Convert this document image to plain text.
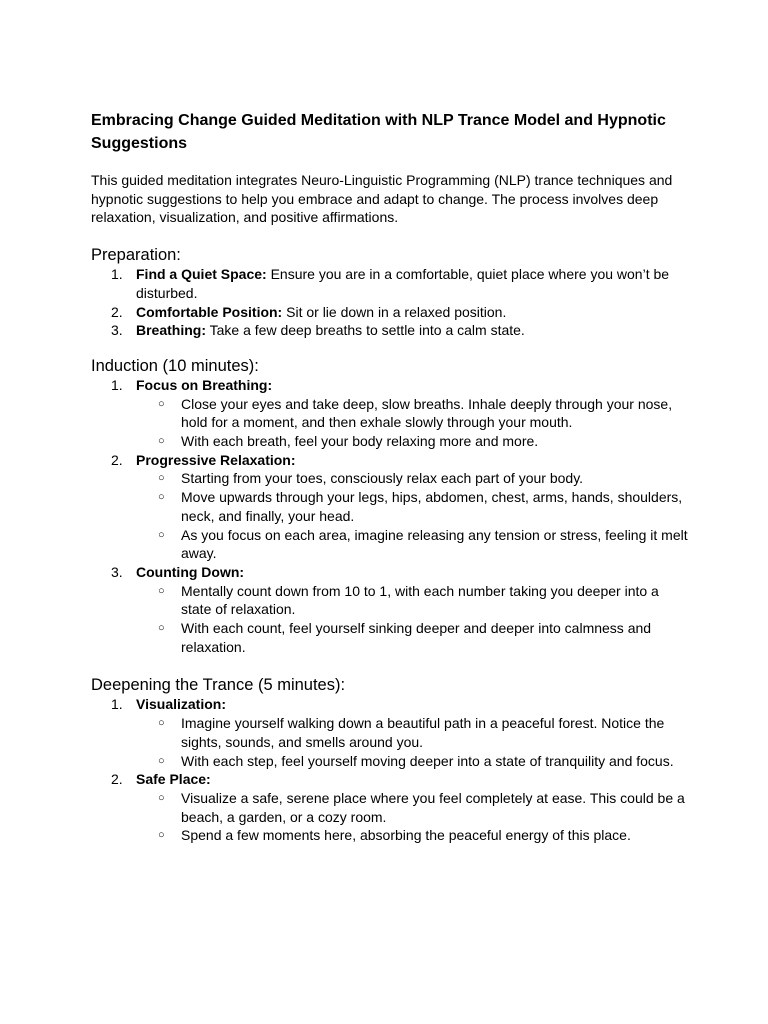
Embracing Change Guided Meditation with NLP Trance Model and Hypnotic Suggestions

This guided meditation integrates Neuro-Linguistic Programming (NLP) trance techniques and hypnotic suggestions to help you embrace and adapt to change. The process involves deep relaxation, visualization, and positive affirmations.

Preparation:
1. Find a Quiet Space: Ensure you are in a comfortable, quiet place where you won’t be disturbed.
2. Comfortable Position: Sit or lie down in a relaxed position.
3. Breathing: Take a few deep breaths to settle into a calm state.
Induction (10 minutes):
1. Focus on Breathing:
○ Close your eyes and take deep, slow breaths. Inhale deeply through your nose, hold for a moment, and then exhale slowly through your mouth.
○ With each breath, feel your body relaxing more and more.
2. Progressive Relaxation:
○ Starting from your toes, consciously relax each part of your body.
○ Move upwards through your legs, hips, abdomen, chest, arms, hands, shoulders, neck, and finally, your head.
○ As you focus on each area, imagine releasing any tension or stress, feeling it melt away.
3. Counting Down:
○ Mentally count down from 10 to 1, with each number taking you deeper into a state of relaxation.
○ With each count, feel yourself sinking deeper and deeper into calmness and relaxation.
Deepening the Trance (5 minutes):
1. Visualization:
○ Imagine yourself walking down a beautiful path in a peaceful forest. Notice the sights, sounds, and smells around you.
○ With each step, feel yourself moving deeper into a state of tranquility and focus.
2. Safe Place:
○ Visualize a safe, serene place where you feel completely at ease. This could be a beach, a garden, or a cozy room.
○ Spend a few moments here, absorbing the peaceful energy of this place.
